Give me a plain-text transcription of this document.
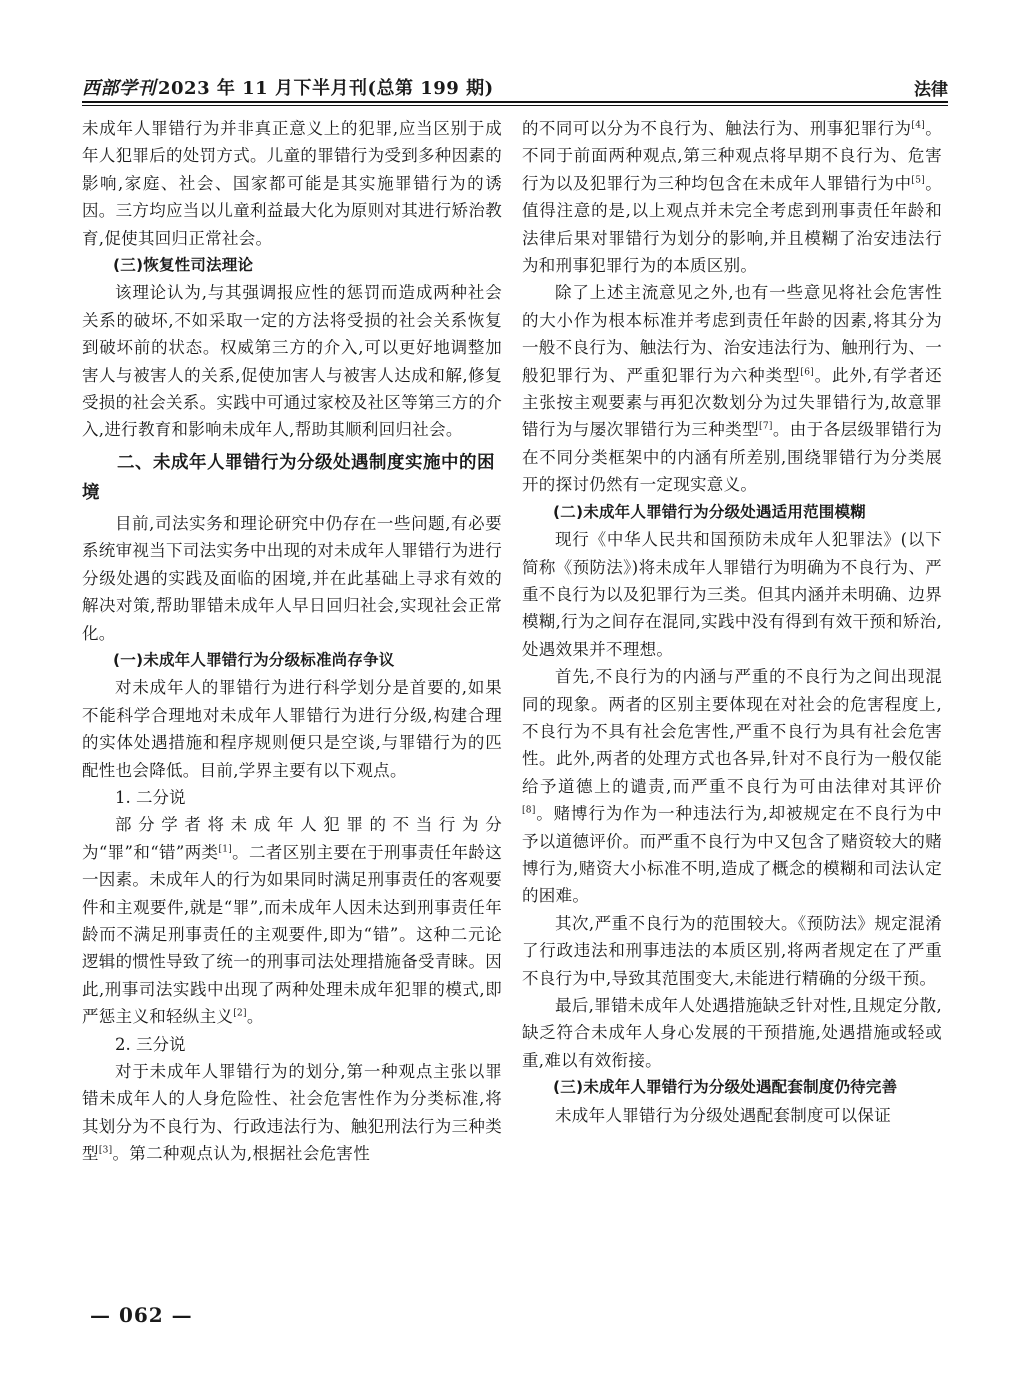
西部学刊 2023 年 11 月下半月刊(总第 199 期)	法律

未成年人罪错行为并非真正意义上的犯罪,应当区别于成年人犯罪后的处罚方式。儿童的罪错行为受到多种因素的影响,家庭、社会、国家都可能是其实施罪错行为的诱因。三方均应当以儿童利益最大化为原则对其进行矫治教育,促使其回归正常社会。

(三)恢复性司法理论

该理论认为,与其强调报应性的惩罚而造成两种社会关系的破坏,不如采取一定的方法将受损的社会关系恢复到破坏前的状态。权威第三方的介入,可以更好地调整加害人与被害人的关系,促使加害人与被害人达成和解,修复受损的社会关系。实践中可通过家校及社区等第三方的介入,进行教育和影响未成年人,帮助其顺利回归社会。

二、未成年人罪错行为分级处遇制度实施中的困境

目前,司法实务和理论研究中仍存在一些问题,有必要系统审视当下司法实务中出现的对未成年人罪错行为进行分级处遇的实践及面临的困境,并在此基础上寻求有效的解决对策,帮助罪错未成年人早日回归社会,实现社会正常化。

(一)未成年人罪错行为分级标准尚存争议

对未成年人的罪错行为进行科学划分是首要的,如果不能科学合理地对未成年人罪错行为进行分级,构建合理的实体处遇措施和程序规则便只是空谈,与罪错行为的匹配性也会降低。目前,学界主要有以下观点。

1. 二分说

部分学者将未成年人犯罪的不当行为分为“罪”和“错”两类[1]。二者区别主要在于刑事责任年龄这一因素。未成年人的行为如果同时满足刑事责任的客观要件和主观要件,就是“罪”,而未成年人因未达到刑事责任年龄而不满足刑事责任的主观要件,即为“错”。这种二元论逻辑的惯性导致了统一的刑事司法处理措施备受青睐。因此,刑事司法实践中出现了两种处理未成年犯罪的模式,即严惩主义和轻纵主义[2]。

2. 三分说

对于未成年人罪错行为的划分,第一种观点主张以罪错未成年人的人身危险性、社会危害性作为分类标准,将其划分为不良行为、行政违法行为、触犯刑法行为三种类型[3]。第二种观点认为,根据社会危害性

的不同可以分为不良行为、触法行为、刑事犯罪行为[4]。不同于前面两种观点,第三种观点将早期不良行为、危害行为以及犯罪行为三种均包含在未成年人罪错行为中[5]。值得注意的是,以上观点并未完全考虑到刑事责任年龄和法律后果对罪错行为划分的影响,并且模糊了治安违法行为和刑事犯罪行为的本质区别。

除了上述主流意见之外,也有一些意见将社会危害性的大小作为根本标准并考虑到责任年龄的因素,将其分为一般不良行为、触法行为、治安违法行为、触刑行为、一般犯罪行为、严重犯罪行为六种类型[6]。此外,有学者还主张按主观要素与再犯次数划分为过失罪错行为,故意罪错行为与屡次罪错行为三种类型[7]。由于各层级罪错行为在不同分类框架中的内涵有所差别,围绕罪错行为分类展开的探讨仍然有一定现实意义。

(二)未成年人罪错行为分级处遇适用范围模糊

现行《中华人民共和国预防未成年人犯罪法》(以下简称《预防法》)将未成年人罪错行为明确为不良行为、严重不良行为以及犯罪行为三类。但其内涵并未明确、边界模糊,行为之间存在混同,实践中没有得到有效干预和矫治,处遇效果并不理想。

首先,不良行为的内涵与严重的不良行为之间出现混同的现象。两者的区别主要体现在对社会的危害程度上,不良行为不具有社会危害性,严重不良行为具有社会危害性。此外,两者的处理方式也各异,针对不良行为一般仅能给予道德上的谴责,而严重不良行为可由法律对其评价[8]。赌博行为作为一种违法行为,却被规定在不良行为中予以道德评价。而严重不良行为中又包含了赌资较大的赌博行为,赌资大小标准不明,造成了概念的模糊和司法认定的困难。

其次,严重不良行为的范围较大。《预防法》规定混淆了行政违法和刑事违法的本质区别,将两者规定在了严重不良行为中,导致其范围变大,未能进行精确的分级干预。

最后,罪错未成年人处遇措施缺乏针对性,且规定分散,缺乏符合未成年人身心发展的干预措施,处遇措施或轻或重,难以有效衔接。

(三)未成年人罪错行为分级处遇配套制度仍待完善

未成年人罪错行为分级处遇配套制度可以保证

— 062 —
